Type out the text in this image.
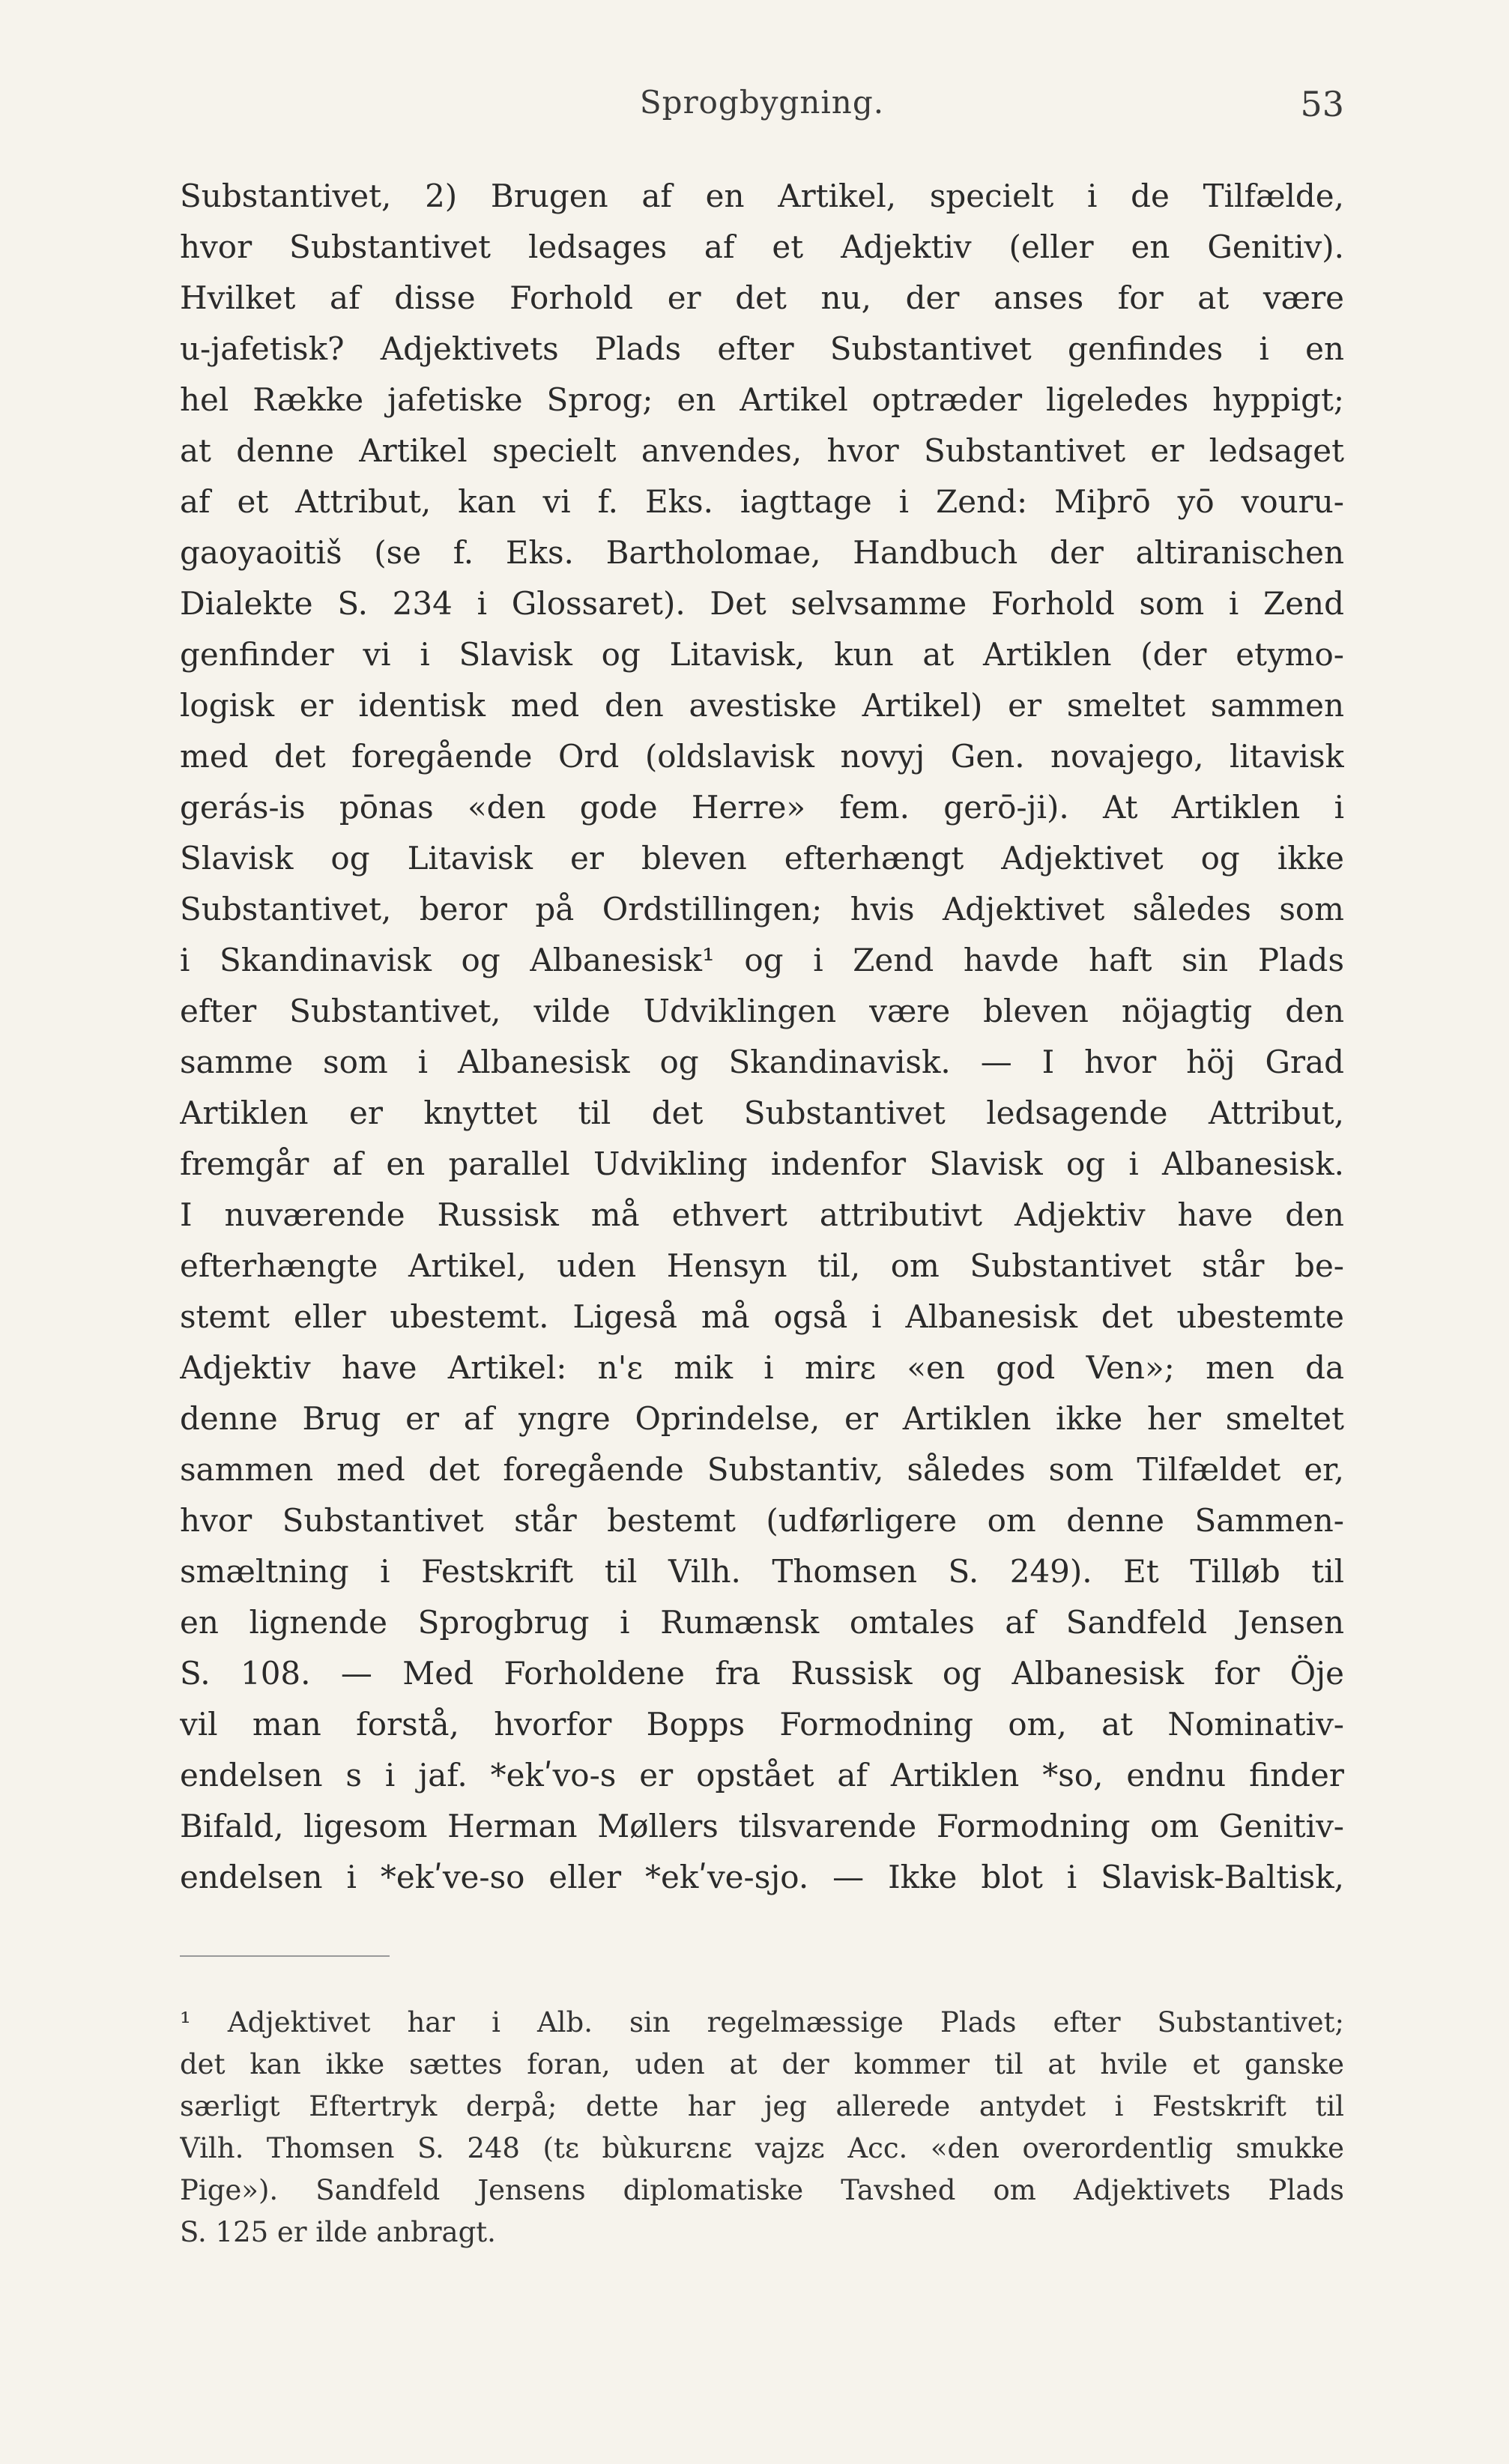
Sprogbygning.	53
Substantivet, 2) Brugen af en Artikel, specielt i de Tilfælde,
hvor Substantivet ledsages af et Adjektiv (eller en Genitiv).
Hvilket af disse Forhold er det nu, der anses for at være
u-jafetisk? Adjektivets Plads efter Substantivet genfindes i en
hel Række jafetiske Sprog; en Artikel optræder ligeledes hyppigt;
at denne Artikel specielt anvendes, hvor Substantivet er ledsaget
af et Attribut, kan vi f. Eks. iagttage i Zend: Miþrō yō vouru-
gaoyaoitiš (se f. Eks. Bartholomae, Handbuch der altiranischen
Dialekte S. 234 i Glossaret). Det selvsamme Forhold som i Zend
genfinder vi i Slavisk og Litavisk, kun at Artiklen (der etymo-
logisk er identisk med den avestiske Artikel) er smeltet sammen
med det foregående Ord (oldslavisk novyj Gen. novajego, litavisk
gerás-is pōnas «den gode Herre» fem. gerō-ji). At Artiklen i
Slavisk og Litavisk er bleven efterhængt Adjektivet og ikke
Substantivet, beror på Ordstillingen; hvis Adjektivet således som
i Skandinavisk og Albanesisk¹ og i Zend havde haft sin Plads
efter Substantivet, vilde Udviklingen være bleven nöjagtig den
samme som i Albanesisk og Skandinavisk. — I hvor höj Grad
Artiklen er knyttet til det Substantivet ledsagende Attribut,
fremgår af en parallel Udvikling indenfor Slavisk og i Albanesisk.
I nuværende Russisk må ethvert attributivt Adjektiv have den
efterhængte Artikel, uden Hensyn til, om Substantivet står be-
stemt eller ubestemt. Ligeså må også i Albanesisk det ubestemte
Adjektiv have Artikel: n'ε mik i mirε «en god Ven»; men da
denne Brug er af yngre Oprindelse, er Artiklen ikke her smeltet
sammen med det foregående Substantiv, således som Tilfældet er,
hvor Substantivet står bestemt (udførligere om denne Sammen-
smæltning i Festskrift til Vilh. Thomsen S. 249). Et Tilløb til
en lignende Sprogbrug i Rumænsk omtales af Sandfeld Jensen
S. 108. — Med Forholdene fra Russisk og Albanesisk for Öje
vil man forstå, hvorfor Bopps Formodning om, at Nominativ-
endelsen s i jaf. *ekʹvo-s er opstået af Artiklen *so, endnu finder
Bifald, ligesom Herman Møllers tilsvarende Formodning om Genitiv-
endelsen i *ekʹve-so eller *ekʹve-sjo. — Ikke blot i Slavisk-Baltisk,
¹ Adjektivet har i Alb. sin regelmæssige Plads efter Substantivet;
det kan ikke sættes foran, uden at der kommer til at hvile et ganske
særligt Eftertryk derpå; dette har jeg allerede antydet i Festskrift til
Vilh. Thomsen S. 248 (tε bùkurεnε vajzε Acc. «den overordentlig smukke
Pige»). Sandfeld Jensens diplomatiske Tavshed om Adjektivets Plads
S. 125 er ilde anbragt.
